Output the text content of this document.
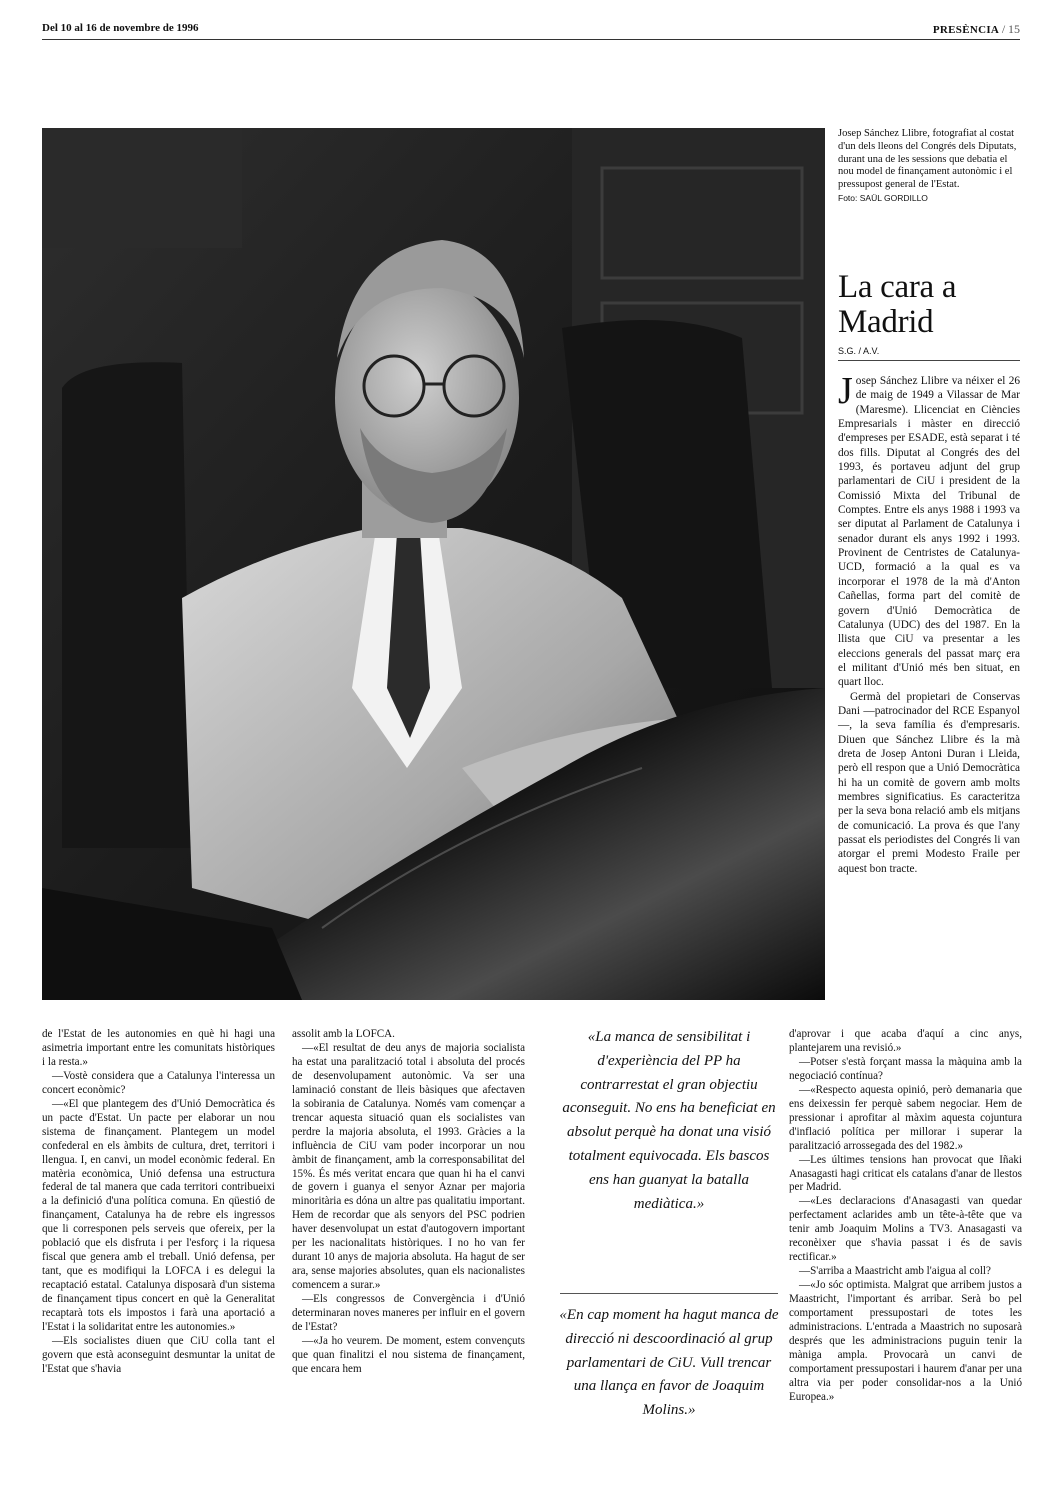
Del 10 al 16 de novembre de 1996	PRESÈNCIA / 15
Josep Sánchez Llibre, fotografiat al costat d'un dels lleons del Congrés dels Diputats, durant una de les sessions que debatia el nou model de finançament autonòmic i el pressupost general de l'Estat.
Foto: SAÜL GORDILLO
La cara a
Madrid
S.G. / A.V.

Josep Sánchez Llibre va néixer el 26 de maig de 1949 a Vilassar de Mar (Maresme). Llicenciat en Ciències Empresarials i màster en direcció d'empreses per ESADE, està separat i té dos fills. Diputat al Congrés des del 1993, és portaveu adjunt del grup parlamentari de CiU i president de la Comissió Mixta del Tribunal de Comptes. Entre els anys 1988 i 1993 va ser diputat al Parlament de Catalunya i senador durant els anys 1992 i 1993. Provinent de Centristes de Catalunya-UCD, formació a la qual es va incorporar el 1978 de la mà d'Anton Cañellas, forma part del comitè de govern d'Unió Democràtica de Catalunya (UDC) des del 1987. En la llista que CiU va presentar a les eleccions generals del passat març era el militant d'Unió més ben situat, en quart lloc.

Germà del propietari de Conservas Dani —patrocinador del RCE Espanyol—, la seva família és d'empresaris. Diuen que Sánchez Llibre és la mà dreta de Josep Antoni Duran i Lleida, però ell respon que a Unió Democràtica hi ha un comitè de govern amb molts membres significatius. Es caracteritza per la seva bona relació amb els mitjans de comunicació. La prova és que l'any passat els periodistes del Congrés li van atorgar el premi Modesto Fraile per aquest bon tracte.

de l'Estat de les autonomies en què hi hagi una asimetria important entre les comunitats històriques i la resta.»

—Vostè considera que a Catalunya l'interessa un concert econòmic?

—«El que plantegem des d'Unió Democràtica és un pacte d'Estat. Un pacte per elaborar un nou sistema de finançament. Plantegem un model confederal en els àmbits de cultura, dret, territori i llengua. I, en canvi, un model econòmic federal. En matèria econòmica, Unió defensa una estructura federal de tal manera que cada territori contribueixi a la definició d'una política comuna. En qüestió de finançament, Catalunya ha de rebre els ingressos que li corresponen pels serveis que ofereix, per la població que els disfruta i per l'esforç i la riquesa fiscal que genera amb el treball. Unió defensa, per tant, que es modifiqui la LOFCA i es delegui la recaptació estatal. Catalunya disposarà d'un sistema de finançament tipus concert en què la Generalitat recaptarà tots els impostos i farà una aportació a l'Estat i la solidaritat entre les autonomies.»

—Els socialistes diuen que CiU colla tant el govern que està aconseguint desmuntar la unitat de l'Estat que s'havia

assolit amb la LOFCA.

—«El resultat de deu anys de majoria socialista ha estat una paralització total i absoluta del procés de desenvolupament autonòmic. Va ser una laminació constant de lleis bàsiques que afectaven la sobirania de Catalunya. Només vam començar a trencar aquesta situació quan els socialistes van perdre la majoria absoluta, el 1993. Gràcies a la influència de CiU vam poder incorporar un nou àmbit de finançament, amb la corresponsabilitat del 15%. És més veritat encara que quan hi ha el canvi de govern i guanya el senyor Aznar per majoria minoritària es dóna un altre pas qualitatiu important. Hem de recordar que als senyors del PSC podrien haver desenvolupat un estat d'autogovern important per les nacionalitats històriques. I no ho van fer durant 10 anys de majoria absoluta. Ha hagut de ser ara, sense majories absolutes, quan els nacionalistes comencem a surar.»

—Els congressos de Convergència i d'Unió determinaran noves maneres per influir en el govern de l'Estat?

—«Ja ho veurem. De moment, estem convençuts que quan finalitzi el nou sistema de finançament, que encara hem

«La manca de sensibilitat i d'experiència del PP ha contrarrestat el gran objectiu aconseguit. No ens ha beneficiat en absolut perquè ha donat una visió totalment equivocada. Els bascos ens han guanyat la batalla mediàtica.»
«En cap moment ha hagut manca de direcció ni descoordinació al grup parlamentari de CiU. Vull trencar una llança en favor de Joaquim Molins.»

d'aprovar i que acaba d'aquí a cinc anys, plantejarem una revisió.»

—Potser s'està forçant massa la màquina amb la negociació contínua?

—«Respecto aquesta opinió, però demanaria que ens deixessin fer perquè sabem negociar. Hem de pressionar i aprofitar al màxim aquesta cojuntura d'inflació política per millorar i superar la paralització arrossegada des del 1982.»

—Les últimes tensions han provocat que Iñaki Anasagasti hagi criticat els catalans d'anar de llestos per Madrid.

—«Les declaracions d'Anasagasti van quedar perfectament aclarides amb un tête-à-tête que va tenir amb Joaquim Molins a TV3. Anasagasti va reconèixer que s'havia passat i és de savis rectificar.»

—S'arriba a Maastricht amb l'aigua al coll?

—«Jo sóc optimista. Malgrat que arribem justos a Maastricht, l'important és arribar. Serà bo pel comportament pressupostari de totes les administracions. L'entrada a Maastrich no suposarà després que les administracions puguin tenir la màniga ampla. Provocarà un canvi de comportament pressupostari i haurem d'anar per una altra via per poder consolidar-nos a la Unió Europea.»
